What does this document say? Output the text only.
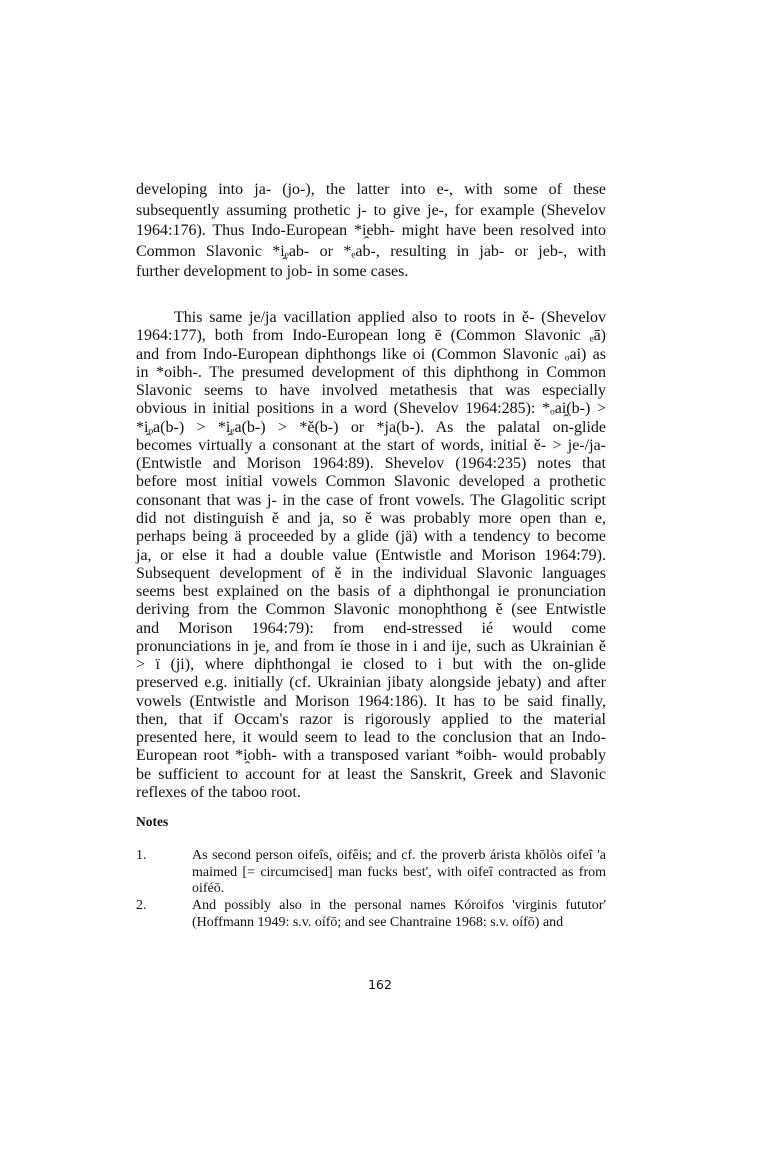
developing into ja- (jo-), the latter into e-, with some of these
subsequently assuming prothetic j- to give je-, for example (Shevelov
1964:176). Thus Indo-European *i̯ebh- might have been resolved into
Common Slavonic *i̯ₑab- or *ₑab-, resulting in jab- or jeb-, with
further development to job- in some cases.
This same je/ja vacillation applied also to roots in ě- (Shevelov
1964:177), both from Indo-European long ē (Common Slavonic ₑā)
and from Indo-European diphthongs like oi (Common Slavonic ₒai) as
in *oibh-. The presumed development of this diphthong in Common
Slavonic seems to have involved metathesis that was especially
obvious in initial positions in a word (Shevelov 1964:285): *ₒai̯(b-) >
*i̯ₒa(b-) > *i̯ₑa(b-) > *ě(b-) or *ja(b-). As the palatal on-glide
becomes virtually a consonant at the start of words, initial ě- > je-/ja-
(Entwistle and Morison 1964:89). Shevelov (1964:235) notes that
before most initial vowels Common Slavonic developed a prothetic
consonant that was j- in the case of front vowels. The Glagolitic script
did not distinguish ě and ja, so ě was probably more open than e,
perhaps being ä proceeded by a glide (jä) with a tendency to become
ja, or else it had a double value (Entwistle and Morison 1964:79).
Subsequent development of ě in the individual Slavonic languages
seems best explained on the basis of a diphthongal ie pronunciation
deriving from the Common Slavonic monophthong ě (see Entwistle
and Morison 1964:79): from end-stressed ié would come
pronunciations in je, and from íe those in i and ije, such as Ukrainian ě
> ï (ji), where diphthongal ie closed to i but with the on-glide
preserved e.g. initially (cf. Ukrainian jibaty alongside jebaty) and after
vowels (Entwistle and Morison 1964:186). It has to be said finally,
then, that if Occam's razor is rigorously applied to the material
presented here, it would seem to lead to the conclusion that an Indo-
European root *i̯obh- with a transposed variant *oibh- would probably
be sufficient to account for at least the Sanskrit, Greek and Slavonic
reflexes of the taboo root.
Notes
1.	As second person oifeîs, oifêis; and cf. the proverb árista khōlòs oifeî 'a
maimed [= circumcised] man fucks best', with oifeî contracted as from
oiféō.
2.	And possibly also in the personal names Kóroifos 'virginis fututor'
(Hoffmann 1949: s.v. oífō; and see Chantraine 1968: s.v. oífō) and
162
